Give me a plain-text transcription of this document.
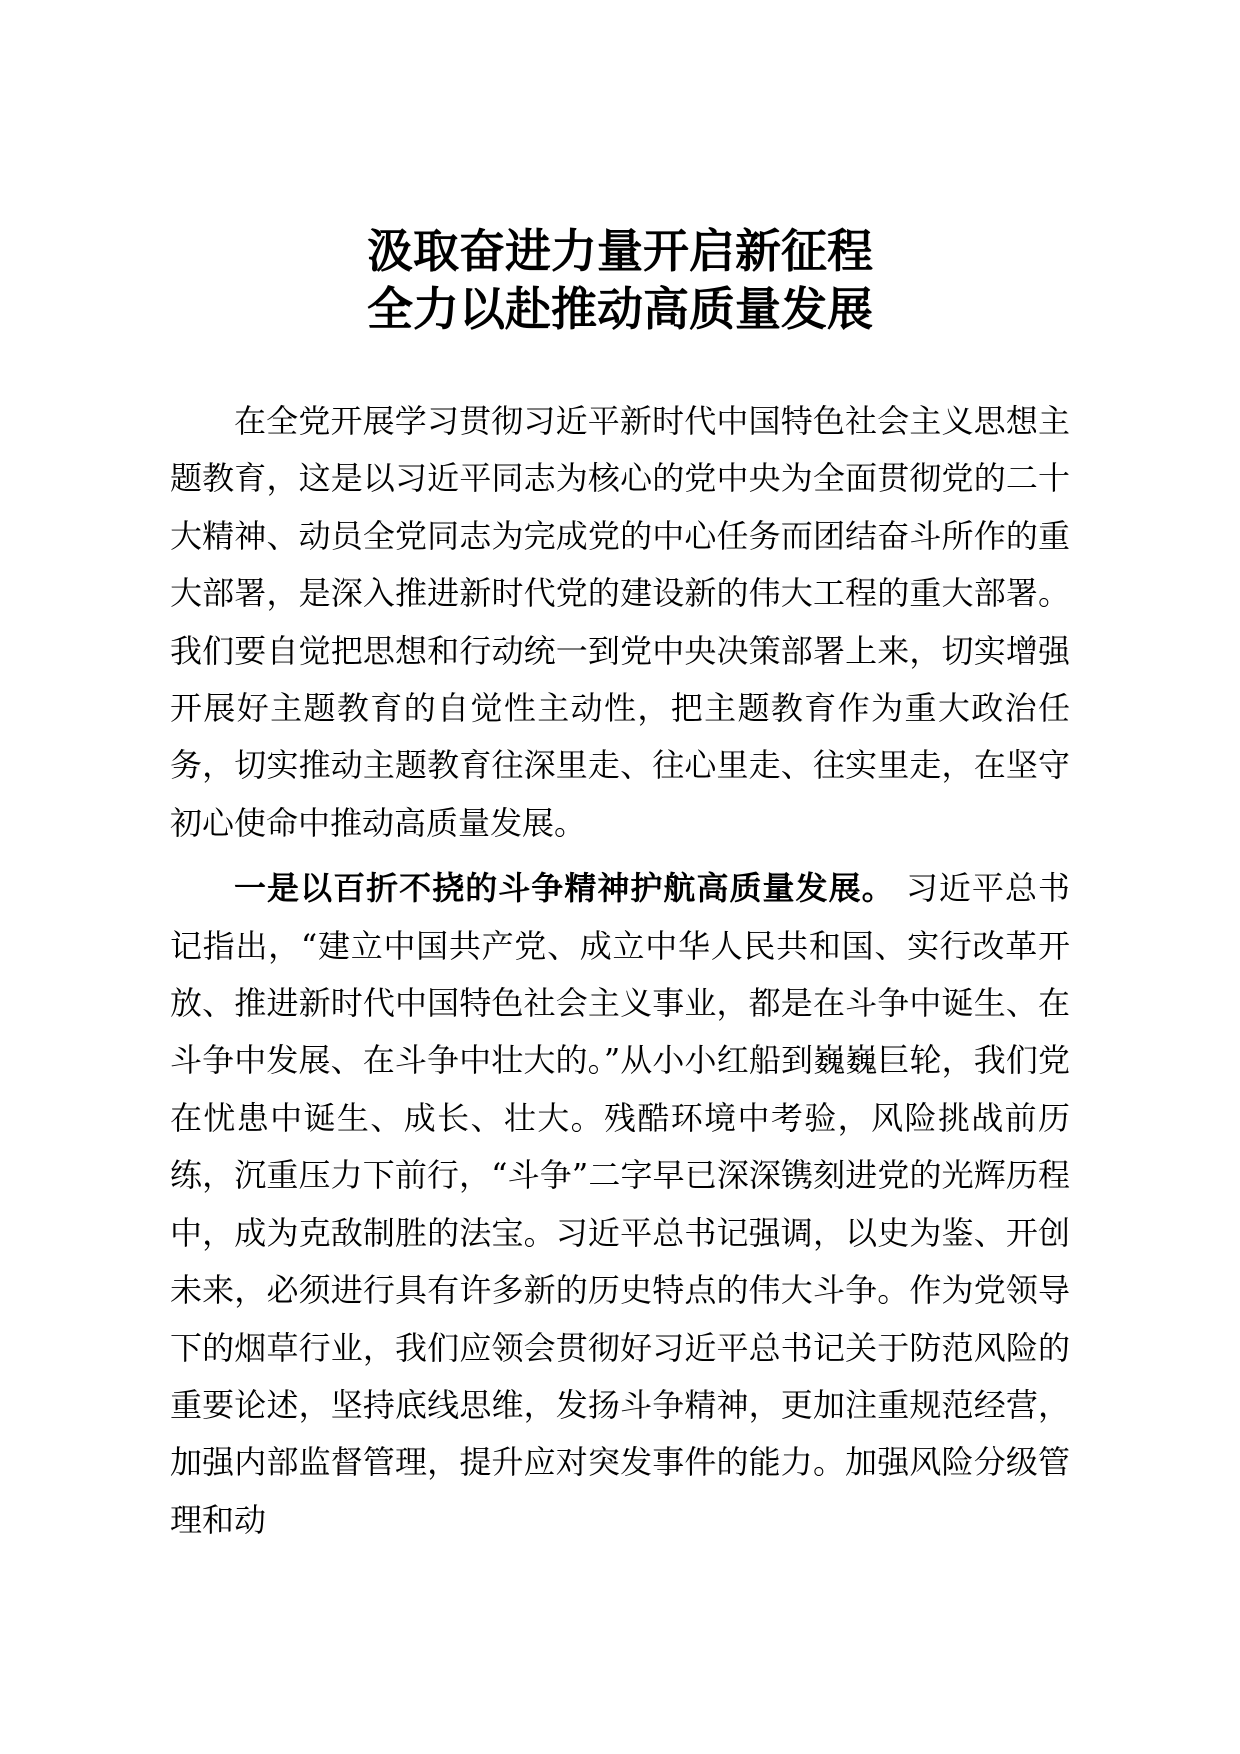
汲取奋进力量开启新征程
全力以赴推动高质量发展

在全党开展学习贯彻习近平新时代中国特色社会主义思想主题教育，这是以习近平同志为核心的党中央为全面贯彻党的二十大精神、动员全党同志为完成党的中心任务而团结奋斗所作的重大部署，是深入推进新时代党的建设新的伟大工程的重大部署。我们要自觉把思想和行动统一到党中央决策部署上来，切实增强开展好主题教育的自觉性主动性，把主题教育作为重大政治任务，切实推动主题教育往深里走、往心里走、往实里走，在坚守初心使命中推动高质量发展。

一是以百折不挠的斗争精神护航高质量发展。 习近平总书记指出，“建立中国共产党、成立中华人民共和国、实行改革开放、推进新时代中国特色社会主义事业，都是在斗争中诞生、在斗争中发展、在斗争中壮大的。”从小小红船到巍巍巨轮，我们党在忧患中诞生、成长、壮大。残酷环境中考验，风险挑战前历练，沉重压力下前行，“斗争”二字早已深深镌刻进党的光辉历程中，成为克敌制胜的法宝。习近平总书记强调，以史为鉴、开创未来，必须进行具有许多新的历史特点的伟大斗争。作为党领导下的烟草行业，我们应领会贯彻好习近平总书记关于防范风险的重要论述，坚持底线思维，发扬斗争精神，更加注重规范经营，加强内部监督管理，提升应对突发事件的能力。加强风险分级管理和动
